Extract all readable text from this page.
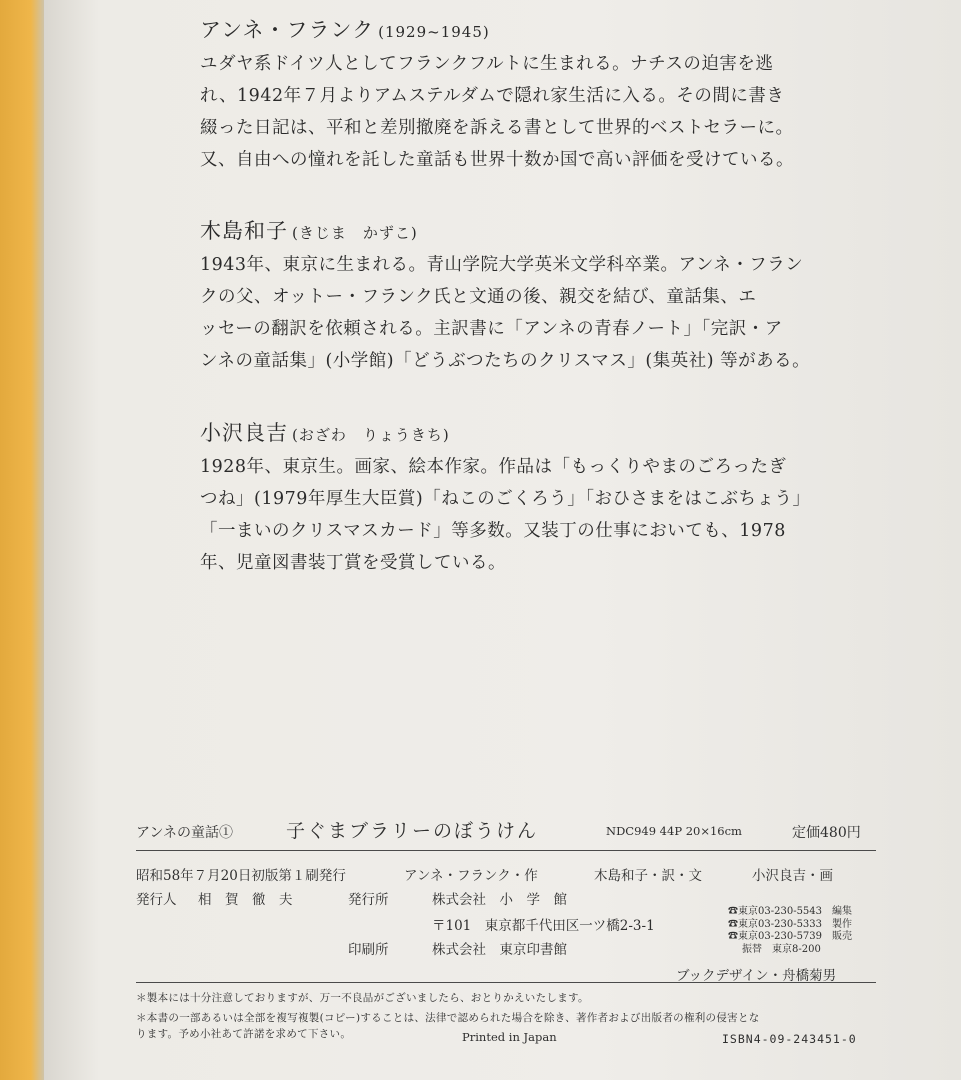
アンネ・フランク (1929~1945)
ユダヤ系ドイツ人としてフランクフルトに生まれる。ナチスの迫害を逃
れ、1942年７月よりアムステルダムで隠れ家生活に入る。その間に書き
綴った日記は、平和と差別撤廃を訴える書として世界的ベストセラーに。
又、自由への憧れを託した童話も世界十数か国で高い評価を受けている。
木島和子 (きじま　かずこ)
1943年、東京に生まれる。青山学院大学英米文学科卒業。アンネ・フラン
クの父、オットー・フランク氏と文通の後、親交を結び、童話集、エ
ッセーの翻訳を依頼される。主訳書に「アンネの青春ノート」「完訳・ア
ンネの童話集」(小学館)「どうぶつたちのクリスマス」(集英社) 等がある。
小沢良吉 (おざわ　りょうきち)
1928年、東京生。画家、絵本作家。作品は「もっくりやまのごろったぎ
つね」(1979年厚生大臣賞)「ねこのごくろう」「おひさまをはこぶちょう」
「一まいのクリスマスカード」等多数。又装丁の仕事においても、1978
年、児童図書装丁賞を受賞している。
アンネの童話①	子ぐまブラリーのぼうけん	NDC949 44P 20×16cm	定価480円
昭和58年７月20日初版第１刷発行	アンネ・フランク・作	木島和子・訳・文	小沢良吉・画
発行人 相　賀　徹　夫	発行所	株式会社　小　学　館
〒101　東京都千代田区一ツ橋2-3-1
☎東京03-230-5543　編集
☎東京03-230-5333　製作
☎東京03-230-5739　販売
振替　東京8-200
印刷所	株式会社　東京印書館
ブックデザイン・舟橋菊男
＊製本には十分注意しておりますが、万一不良品がございましたら、おとりかえいたします。
＊本書の一部あるいは全部を複写複製(コピー)することは、法律で認められた場合を除き、著作者および出版者の権利の侵害とな
ります。予め小社あて許諾を求めて下さい。	Printed in Japan	ISBN4-09-243451-0
